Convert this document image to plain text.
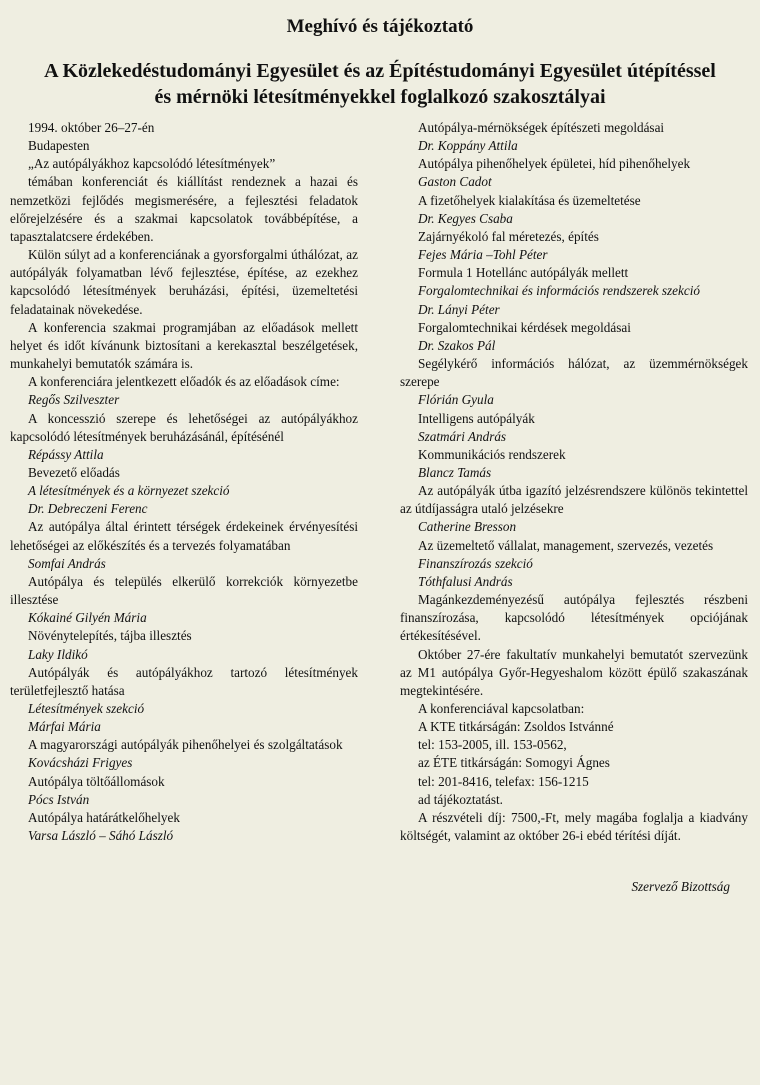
Meghívó és tájékoztató
A Közlekedéstudományi Egyesület és az Építéstudományi Egyesület útépítéssel
és mérnöki létesítményekkel foglalkozó szakosztályai

1994. október 26–27-én

Budapesten

„Az autópályákhoz kapcsolódó létesítmények”

témában konferenciát és kiállítást rendeznek a hazai és nemzetközi fejlődés megismerésére, a fejlesztési feladatok előrejelzésére és a szakmai kapcsolatok továbbépítése, a tapasztalatcsere érdekében.

Külön súlyt ad a konferenciának a gyorsforgalmi úthálózat, az autópályák folyamatban lévő fejlesztése, építése, az ezekhez kapcsolódó létesítmények beruházási, építési, üzemeltetési feladatainak növekedése.

A konferencia szakmai programjában az előadások mellett helyet és időt kívánunk biztosítani a kerekasztal beszélgetések, munkahelyi bemutatók számára is.

A konferenciára jelentkezett előadók és az előadások címe:

Regős Szilveszter

A koncesszió szerepe és lehetőségei az autópályákhoz kapcsolódó létesítmények beruházásánál, építésénél

Répássy Attila

Bevezető előadás

A létesítmények és a környezet szekció

Dr. Debreczeni Ferenc

Az autópálya által érintett térségek érdekeinek érvényesítési lehetőségei az előkészítés és a tervezés folyamatában

Somfai András

Autópálya és település elkerülő korrekciók környezetbe illesztése

Kókainé Gilyén Mária

Növénytelepítés, tájba illesztés

Laky Ildikó

Autópályák és autópályákhoz tartozó létesítmények területfejlesztő hatása

Létesítmények szekció

Márfai Mária

A magyarországi autópályák pihenőhelyei és szolgáltatások

Kovácsházi Frigyes

Autópálya töltőállomások

Pócs István

Autópálya határátkelőhelyek

Varsa László – Sáhó László

Autópálya-mérnökségek építészeti megoldásai

Dr. Koppány Attila

Autópálya pihenőhelyek épületei, híd pihenőhelyek

Gaston Cadot

A fizetőhelyek kialakítása és üzemeltetése

Dr. Kegyes Csaba

Zajárnyékoló fal méretezés, építés

Fejes Mária –Tohl Péter

Formula 1 Hotellánc autópályák mellett

Forgalomtechnikai és információs rendszerek szekció

Dr. Lányi Péter

Forgalomtechnikai kérdések megoldásai

Dr. Szakos Pál

Segélykérő információs hálózat, az üzemmérnökségek szerepe

Flórián Gyula

Intelligens autópályák

Szatmári András

Kommunikációs rendszerek

Blancz Tamás

Az autópályák útba igazító jelzésrendszere különös tekintettel az útdíjasságra utaló jelzésekre

Catherine Bresson

Az üzemeltető vállalat, management, szervezés, vezetés

Finanszírozás szekció

Tóthfalusi András

Magánkezdeményezésű autópálya fejlesztés részbeni finanszírozása, kapcsolódó létesítmények opciójának értékesítésével.

Október 27-ére fakultatív munkahelyi bemutatót szervezünk az M1 autópálya Győr-Hegyeshalom között épülő szakaszának megtekintésére.

A konferenciával kapcsolatban:

A KTE titkárságán: Zsoldos Istvánné

tel: 153-2005, ill. 153-0562,

az ÉTE titkárságán: Somogyi Ágnes

tel: 201-8416, telefax: 156-1215

ad tájékoztatást.

A részvételi díj: 7500,-Ft, mely magába foglalja a kiadvány költségét, valamint az október 26-i ebéd térítési díját.

Szervező Bizottság
